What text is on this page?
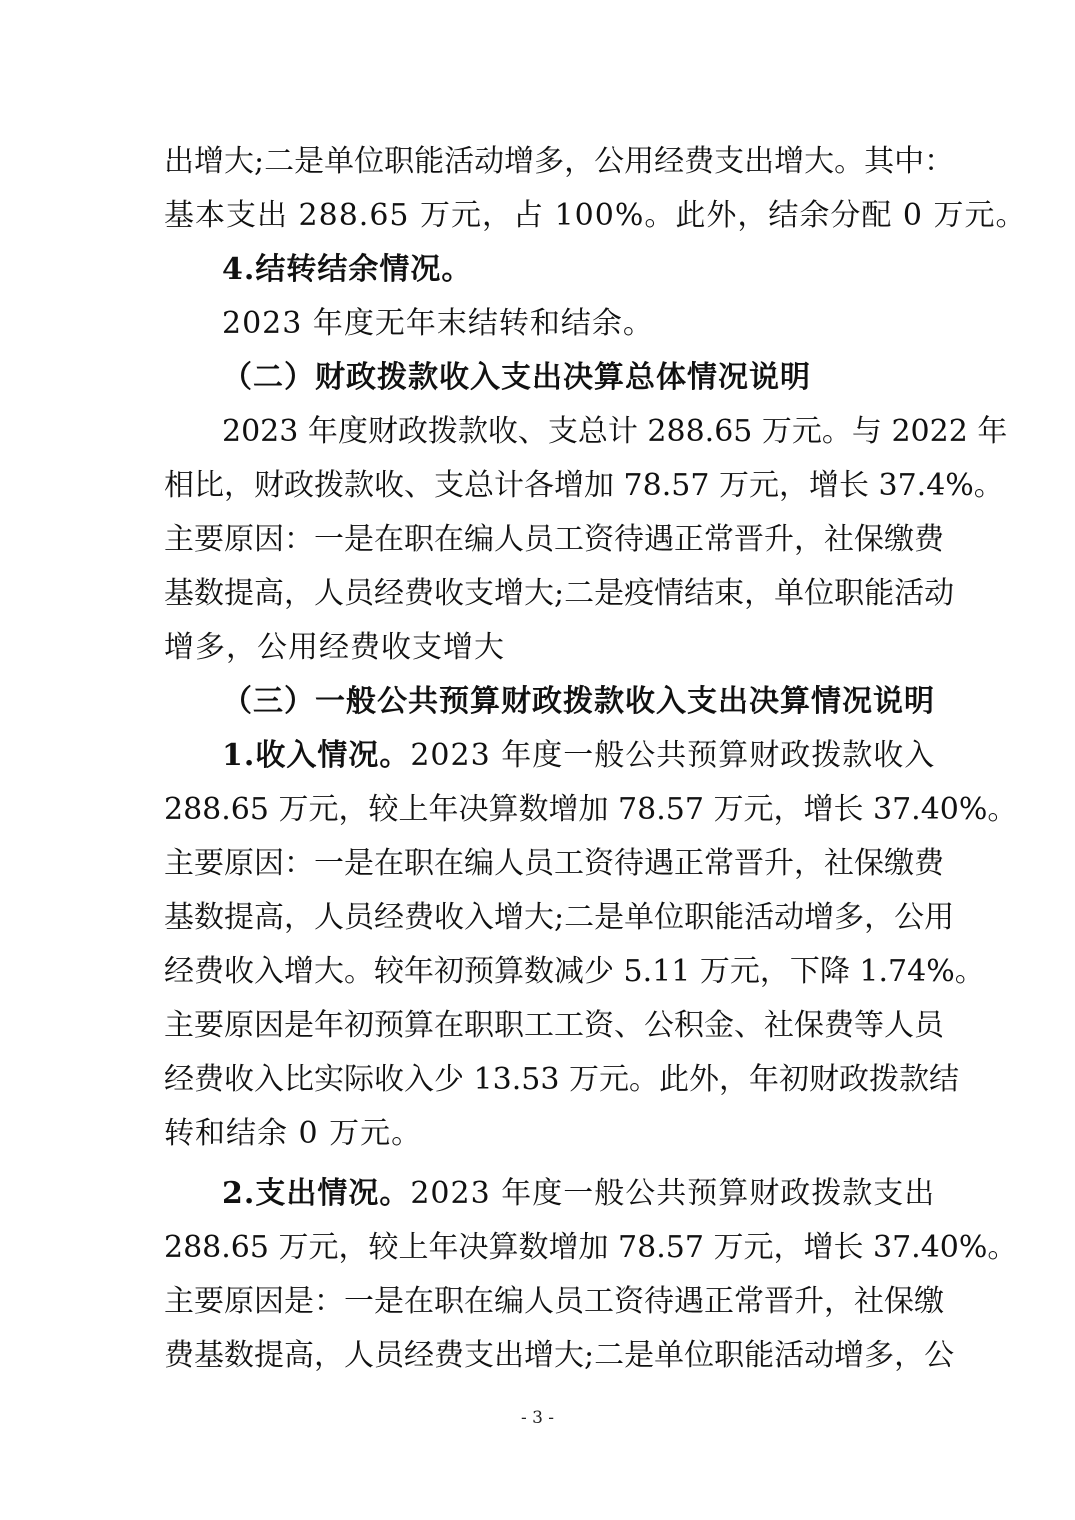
出增大;二是单位职能活动增多，公用经费支出增大。其中：
基本支出 288.65 万元，占 100%。此外，结余分配 0 万元。
4.结转结余情况。
2023 年度无年末结转和结余。
（二）财政拨款收入支出决算总体情况说明
2023 年度财政拨款收、支总计 288.65 万元。与 2022 年
相比，财政拨款收、支总计各增加 78.57 万元，增长 37.4%。
主要原因：一是在职在编人员工资待遇正常晋升，社保缴费
基数提高，人员经费收支增大;二是疫情结束，单位职能活动
增多，公用经费收支增大
（三）一般公共预算财政拨款收入支出决算情况说明
1.收入情况。2023 年度一般公共预算财政拨款收入
288.65 万元，较上年决算数增加 78.57 万元，增长 37.40%。
主要原因：一是在职在编人员工资待遇正常晋升，社保缴费
基数提高，人员经费收入增大;二是单位职能活动增多，公用
经费收入增大。较年初预算数减少 5.11 万元，下降 1.74%。
主要原因是年初预算在职职工工资、公积金、社保费等人员
经费收入比实际收入少 13.53 万元。此外，年初财政拨款结
转和结余 0 万元。
2.支出情况。2023 年度一般公共预算财政拨款支出
288.65 万元，较上年决算数增加 78.57 万元，增长 37.40%。
主要原因是：一是在职在编人员工资待遇正常晋升，社保缴
费基数提高，人员经费支出增大;二是单位职能活动增多，公
- 3 -
